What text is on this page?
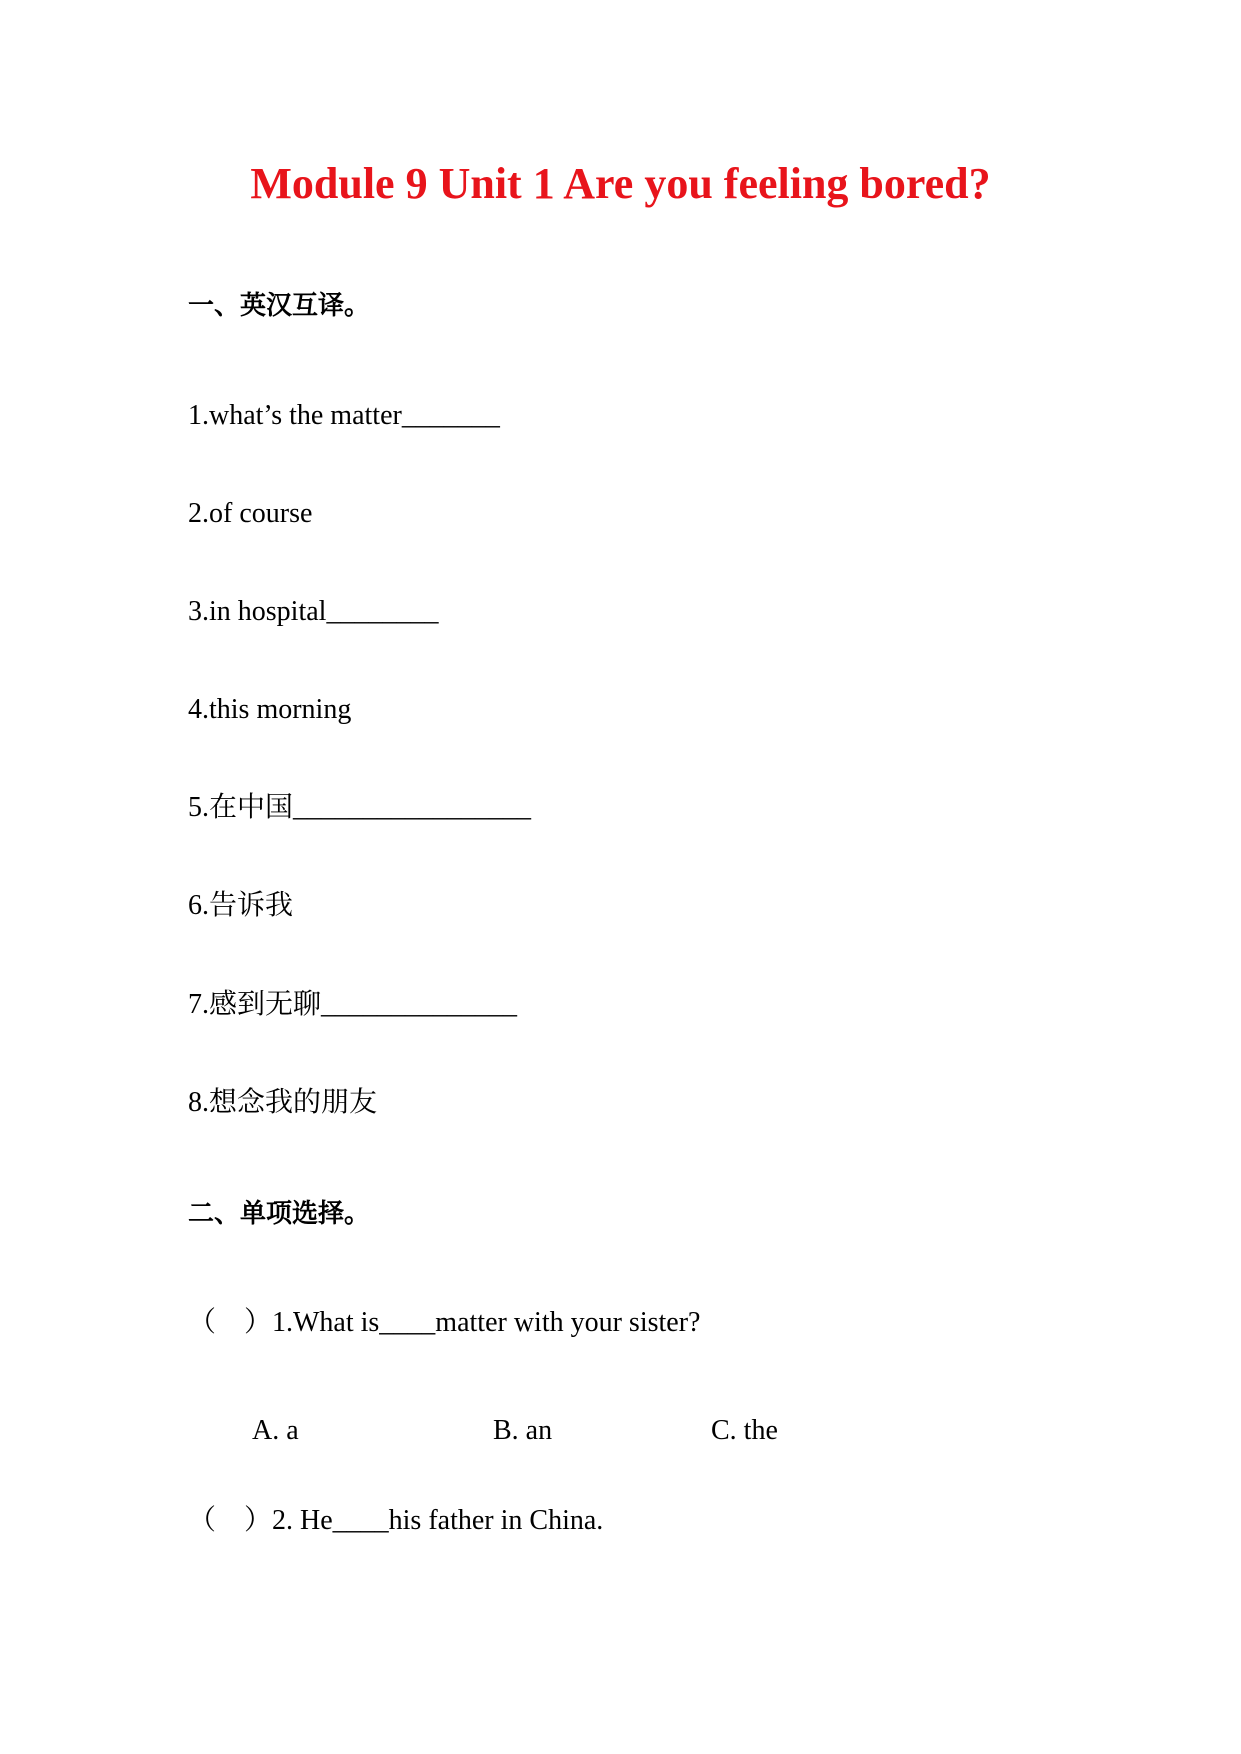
Module 9 Unit 1 Are you feeling bored?
一、英汉互译。
1.what’s the matter_______
2.of course
3.in hospital________
4.this morning
5.在中国_________________
6.告诉我
7.感到无聊______________
8.想念我的朋友
二、单项选择。
（    ）1.What is____matter with your sister?
A. a	B. an	C. the
（    ）2. He____his father in China.
